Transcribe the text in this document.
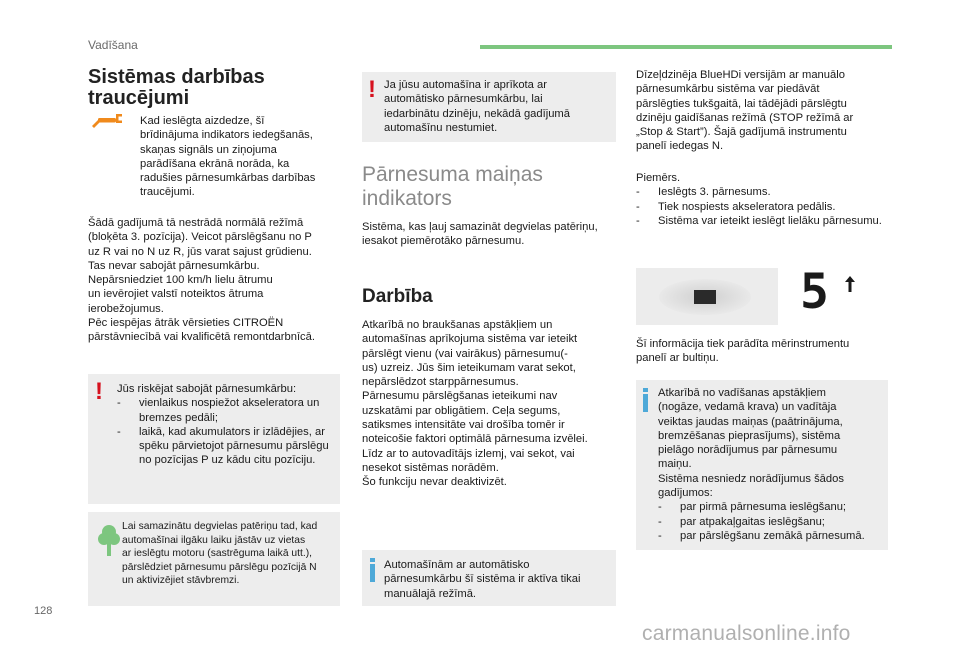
Vadīšana

Sistēmas darbības

traucējumi

Kad ieslēgta aizdedze, šī
brīdinājuma indikators iedegšanās,
skaņas signāls un ziņojuma
parādīšana ekrānā norāda, ka
radušies pārnesumkārbas darbības
traucējumi.

Šādā gadījumā tā nestrādā normālā režīmā
(bloķēta 3. pozīcija). Veicot pārslēgšanu no P
uz R vai no N uz R, jūs varat sajust grūdienu.
Tas nevar sabojāt pārnesumkārbu.
Nepārsniedziet 100 km/h lielu ātrumu
un ievērojiet valstī noteiktos ātruma
ierobežojumus.
Pēc iespējas ātrāk vērsieties CITROËN
pārstāvniecībā vai kvalificētā remontdarbnīcā.

! Jūs riskējat sabojāt pārnesumkārbu:

- vienlaikus nospiežot akseleratora un bremzes pedāli;
- laikā, kad akumulators ir izlādējies, ar spēku pārvietojot pārnesumu pārslēgu no pozīcijas P uz kādu citu pozīciju.

Lai samazinātu degvielas patēriņu tad, kad
automašīnai ilgāku laiku jāstāv uz vietas
ar ieslēgtu motoru (sastrēguma laikā utt.),
pārslēdziet pārnesumu pārslēgu pozīcijā N
un aktivizējiet stāvbremzi.

! Ja jūsu automašīna ir aprīkota ar
automātisko pārnesumkārbu, lai
iedarbinātu dzinēju, nekādā gadījumā
automašīnu nestumiet.

Pārnesuma maiņas

indikators

Sistēma, kas ļauj samazināt degvielas patēriņu,
iesakot piemērotāko pārnesumu.

Darbība

Atkarībā no braukšanas apstākļiem un
automašīnas aprīkojuma sistēma var ieteikt
pārslēgt vienu (vai vairākus) pārnesumu(-
us) uzreiz. Jūs šim ieteikumam varat sekot,
nepārslēdzot starppārnesumus.
Pārnesumu pārslēgšanas ieteikumi nav
uzskatāmi par obligātiem. Ceļa segums,
satiksmes intensitāte vai drošība tomēr ir
noteicošie faktori optimālā pārnesuma izvēlei.
Līdz ar to autovadītājs izlemj, vai sekot, vai
nesekot sistēmas norādēm.
Šo funkciju nevar deaktivizēt.

Automašīnām ar automātisko
pārnesumkārbu šī sistēma ir aktīva tikai
manuālajā režīmā.

Dīzeļdzinēja BlueHDi versijām ar manuālo
pārnesumkārbu sistēma var piedāvāt
pārslēgties tukšgaitā, lai tādējādi pārslēgtu
dzinēju gaidīšanas režīmā (STOP režīmā ar
„Stop & Start”). Šajā gadījumā instrumentu
panelī iedegas N.

Piemērs.

- Ieslēgts 3. pārnesums.
- Tiek nospiests akseleratora pedālis.
- Sistēma var ieteikt ieslēgt lielāku pārnesumu.
5

Šī informācija tiek parādīta mērinstrumentu
panelī ar bultiņu.

Atkarībā no vadīšanas apstākļiem
(nogāze, vedamā krava) un vadītāja
veiktas jaudas maiņas (paātrinājuma,
bremzēšanas pieprasījums), sistēma
pielāgo norādījumus par pārnesumu
maiņu.
Sistēma nesniedz norādījumus šādos
gadījumos:

- par pirmā pārnesuma ieslēgšanu;
- par atpakaļgaitas ieslēgšanu;
- par pārslēgšanu zemākā pārnesumā.
128
carmanualsonline.info
